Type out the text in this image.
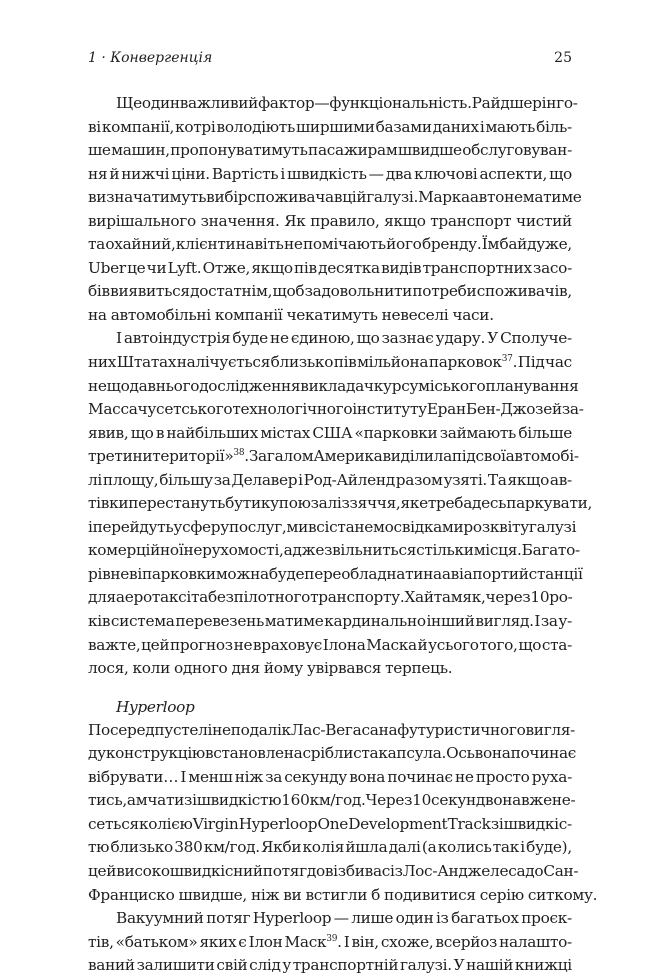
1 · Конвергенція	25
Ще один важливий фактор — функціональність. Райдшерінго-
ві компанії, котрі володіють ширшими базами даних і мають біль-
ше машин, пропонуватимуть пасажирам швидше обслуговуван-
ня й нижчі ціни. Вартість і швидкість — два ключові аспекти, що
визначатимуть вибір споживача в цій галузі. Марка авто не матиме
вирішального значення. Як правило, якщо транспорт чистий
та охайний, клієнти навіть не помічають його бренду. Їм байдуже,
Uber це чи Lyft. Отже, якщо пів десятка видів транспортних засо-
бів виявиться достатнім, щоб задовольнити потреби споживачів,
на автомобільні компанії чекатимуть невеселі часи.
І автоіндустрія буде не єдиною, що зазнає удару. У Сполуче-
них Штатах налічується близько пів мільйона парковок$^{37}$. Під час
нещодавнього дослідження викладач курсу міського планування
Массачусетського технологічного інституту Еран Бен-Джозей за-
явив, що в найбільших містах США «парковки займають більше
третини території»$^{38}$. Загалом Америка виділила під свої автомобі-
лі площу, більшу за Делавер і Род-Айленд разом узяті. Та якщо ав-
тівки перестануть бути купою заліззяччя, яке треба десь паркувати,
і перейдуть у сферу послуг, ми всі станемо свідками розквіту галузі
комерційної нерухомості, адже звільниться стільки місця. Багато-
рівневі парковки можна буде переобладнати на авіапорти й станції
для аеротаксі та безпілотного транспорту. Хай там як, через 10 ро-
ків система перевезень матиме кардинально інший вигляд. І за у-
важте, цей прогноз не враховує Ілона Маска й усього того, що ста-
лося, коли одного дня йому увірвався терпець.
Hyperloop
Посеред пустелі неподалік Лас-Вегаса на футуристичного вигля-
ду конструкцію встановлена сріблиста капсула. Ось вона починає
вібрувати… І менш ніж за секунду вона починає не просто руха-
тись, а мчати зі швидкістю 160 км/год. Через 10 секунд вона вже не-
сеться колією Virgin Hyperloop One Development Track зі швидкіс-
тю близько 380 км/год. Якби колія йшла далі (а колись так і буде),
цей високошвидкісний потяг довіз би вас із Лос-Анджелеса до Сан-
Франциско швидше, ніж ви встигли б подивитися серію ситкому.
Вакуумний потяг Hyperloop — лише один із багатьох проєк-
тів, «батьком» яких є Ілон Маск$^{39}$. І він, схоже, всерйоз налашто-
ваний залишити свій слід у транспортній галузі. У нашій книжці
